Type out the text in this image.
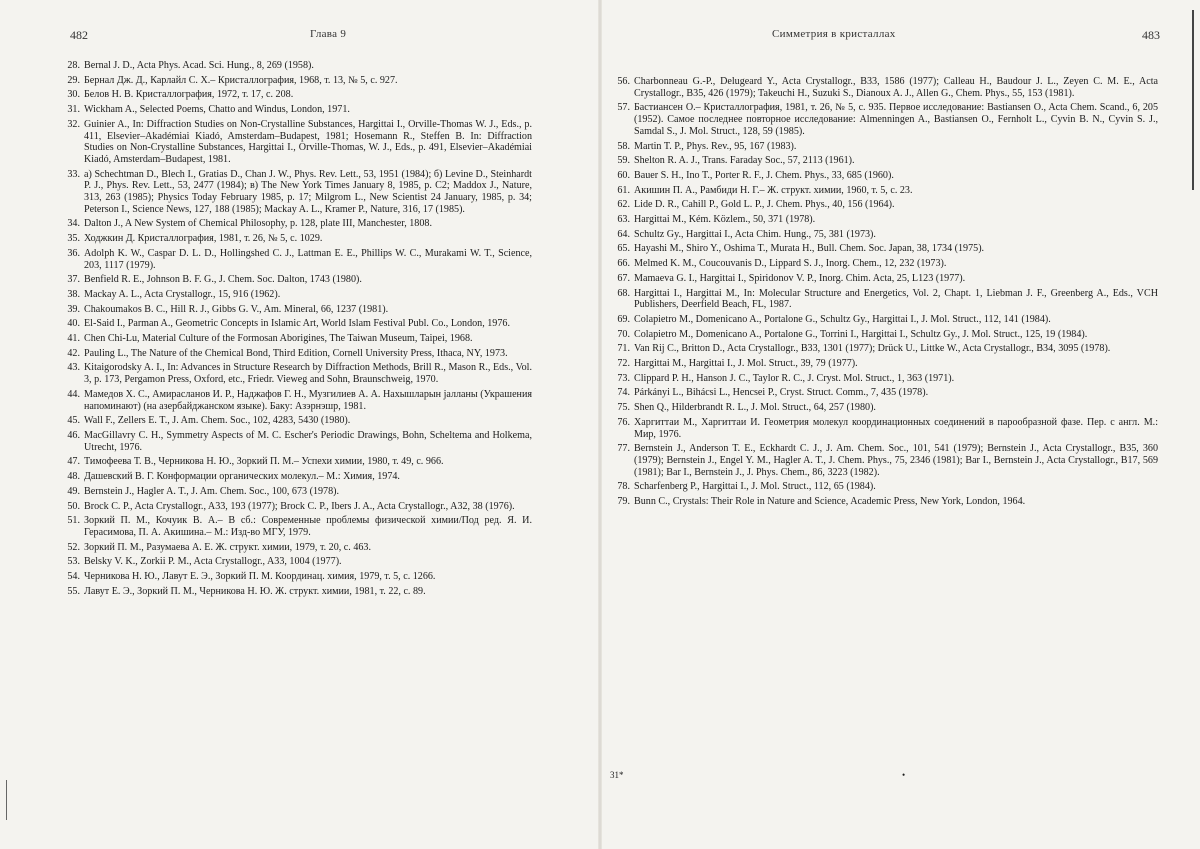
482	Глава 9
28. Bernal J. D., Acta Phys. Acad. Sci. Hung., 8, 269 (1958).
29. Бернал Дж. Д., Карлайл С. X.– Кристаллография, 1968, т. 13, № 5, с. 927.
30. Белов Н. В. Кристаллография, 1972, т. 17, с. 208.
31. Wickham A., Selected Poems, Chatto and Windus, London, 1971.
32. Guinier A., In: Diffraction Studies on Non-Crystalline Substances, Hargittai I., Orville-Thomas W. J., Eds., p. 411, Elsevier–Akadémiai Kiadó, Amsterdam–Budapest, 1981; Hosemann R., Steffen B. In: Diffraction Studies on Non-Crystalline Substances, Hargittai I., Orville-Thomas, W. J., Eds., p. 491, Elsevier–Akadémiai Kiadó, Amsterdam–Budapest, 1981.
33. а) Schechtman D., Blech I., Gratias D., Chan J. W., Phys. Rev. Lett., 53, 1951 (1984); б) Levine D., Steinhardt P. J., Phys. Rev. Lett., 53, 2477 (1984); в) The New York Times January 8, 1985, p. C2; Maddox J., Nature, 313, 263 (1985); Physics Today February 1985, p. 17; Milgrom L., New Scientist 24 January, 1985, p. 34; Peterson I., Science News, 127, 188 (1985); Mackay A. L., Kramer P., Nature, 316, 17 (1985).
34. Dalton J., A New System of Chemical Philosophy, p. 128, plate III, Manchester, 1808.
35. Ходжкин Д. Кристаллография, 1981, т. 26, № 5, с. 1029.
36. Adolph K. W., Caspar D. L. D., Hollingshed C. J., Lattman E. E., Phillips W. C., Murakami W. T., Science, 203, 1117 (1979).
37. Benfield R. E., Johnson B. F. G., J. Chem. Soc. Dalton, 1743 (1980).
38. Mackay A. L., Acta Crystallogr., 15, 916 (1962).
39. Chakoumakos B. C., Hill R. J., Gibbs G. V., Am. Mineral, 66, 1237 (1981).
40. El-Said I., Parman A., Geometric Concepts in Islamic Art, World Islam Festival Publ. Co., London, 1976.
41. Chen Chi-Lu, Material Culture of the Formosan Aborigines, The Taiwan Museum, Taipei, 1968.
42. Pauling L., The Nature of the Chemical Bond, Third Edition, Cornell University Press, Ithaca, NY, 1973.
43. Kitaigorodsky A. I., In: Advances in Structure Research by Diffraction Methods, Brill R., Mason R., Eds., Vol. 3, p. 173, Pergamon Press, Oxford, etc., Friedr. Vieweg and Sohn, Braunschweig, 1970.
44. Мамедов Х. С., Амирасланов И. Р., Наджафов Г. Н., Музгилиев А. А. Нахышларын jалланы (Украшения напоминают) (на азербайджанском языке). Баку: Азэрнэшр, 1981.
45. Wall F., Zellers E. T., J. Am. Chem. Soc., 102, 4283, 5430 (1980).
46. MacGillavry C. H., Symmetry Aspects of M. C. Escher's Periodic Drawings, Bohn, Scheltema and Holkema, Utrecht, 1976.
47. Тимофеева Т. В., Черникова Н. Ю., Зоркий П. М.– Успехи химии, 1980, т. 49, с. 966.
48. Дашевский В. Г. Конформации органических молекул.– М.: Химия, 1974.
49. Bernstein J., Hagler A. T., J. Am. Chem. Soc., 100, 673 (1978).
50. Brock C. P., Acta Crystallogr., A33, 193 (1977); Brock C. P., Ibers J. A., Acta Crystallogr., A32, 38 (1976).
51. Зоркий П. М., Кочуик В. А.– В сб.: Современные проблемы физической химии/Под ред. Я. И. Герасимова, П. А. Акишина.– М.: Изд-во МГУ, 1979.
52. Зоркий П. М., Разумаева А. Е. Ж. структ. химии, 1979, т. 20, с. 463.
53. Belsky V. K., Zorkii P. M., Acta Crystallogr., A33, 1004 (1977).
54. Черникова Н. Ю., Лавут Е. Э., Зоркий П. М. Координац. химия, 1979, т. 5, с. 1266.
55. Лавут Е. Э., Зоркий П. М., Черникова Н. Ю. Ж. структ. химии, 1981, т. 22, с. 89.
Симметрия в кристаллах	483
56. Charbonneau G.-P., Delugeard Y., Acta Crystallogr., B33, 1586 (1977); Calleau H., Baudour J. L., Zeyen C. M. E., Acta Crystallogr., B35, 426 (1979); Takeuchi H., Suzuki S., Dianoux A. J., Allen G., Chem. Phys., 55, 153 (1981).
57. Бастиансен О.– Кристаллография, 1981, т. 26, № 5, с. 935. Первое исследование: Bastiansen O., Acta Chem. Scand., 6, 205 (1952). Самое последнее повторное исследование: Almenningen A., Bastiansen O., Fernholt L., Cyvin B. N., Cyvin S. J., Samdal S., J. Mol. Struct., 128, 59 (1985).
58. Martin T. P., Phys. Rev., 95, 167 (1983).
59. Shelton R. A. J., Trans. Faraday Soc., 57, 2113 (1961).
60. Bauer S. H., Ino T., Porter R. F., J. Chem. Phys., 33, 685 (1960).
61. Акишин П. А., Рамбиди Н. Г.– Ж. структ. химии, 1960, т. 5, с. 23.
62. Lide D. R., Cahill P., Gold L. P., J. Chem. Phys., 40, 156 (1964).
63. Hargittai M., Kém. Közlem., 50, 371 (1978).
64. Schultz Gy., Hargittai I., Acta Chim. Hung., 75, 381 (1973).
65. Hayashi M., Shiro Y., Oshima T., Murata H., Bull. Chem. Soc. Japan, 38, 1734 (1975).
66. Melmed K. M., Coucouvanis D., Lippard S. J., Inorg. Chem., 12, 232 (1973).
67. Mamaeva G. I., Hargittai I., Spiridonov V. P., Inorg. Chim. Acta, 25, L123 (1977).
68. Hargittai I., Hargittai M., In: Molecular Structure and Energetics, Vol. 2, Chapt. 1, Liebman J. F., Greenberg A., Eds., VCH Publishers, Deerfield Beach, FL, 1987.
69. Colapietro M., Domenicano A., Portalone G., Schultz Gy., Hargittai I., J. Mol. Struct., 112, 141 (1984).
70. Colapietro M., Domenicano A., Portalone G., Torrini I., Hargittai I., Schultz Gy., J. Mol. Struct., 125, 19 (1984).
71. Van Rij C., Britton D., Acta Crystallogr., B33, 1301 (1977); Drück U., Littke W., Acta Crystallogr., B34, 3095 (1978).
72. Hargittai M., Hargittai I., J. Mol. Struct., 39, 79 (1977).
73. Clippard P. H., Hanson J. C., Taylor R. C., J. Cryst. Mol. Struct., 1, 363 (1971).
74. Párkányi L., Bihácsi L., Hencsei P., Cryst. Struct. Comm., 7, 435 (1978).
75. Shen Q., Hilderbrandt R. L., J. Mol. Struct., 64, 257 (1980).
76. Харгиттаи М., Харгиттаи И. Геометрия молекул координационных соединений в парообразной фазе. Пер. с англ. М.: Мир, 1976.
77. Bernstein J., Anderson T. E., Eckhardt C. J., J. Am. Chem. Soc., 101, 541 (1979); Bernstein J., Acta Crystallogr., B35, 360 (1979); Bernstein J., Engel Y. M., Hagler A. T., J. Chem. Phys., 75, 2346 (1981); Bar I., Bernstein J., Acta Crystallogr., B17, 569 (1981); Bar I., Bernstein J., J. Phys. Chem., 86, 3223 (1982).
78. Scharfenberg P., Hargittai I., J. Mol. Struct., 112, 65 (1984).
79. Bunn C., Crystals: Their Role in Nature and Science, Academic Press, New York, London, 1964.
31*	•
